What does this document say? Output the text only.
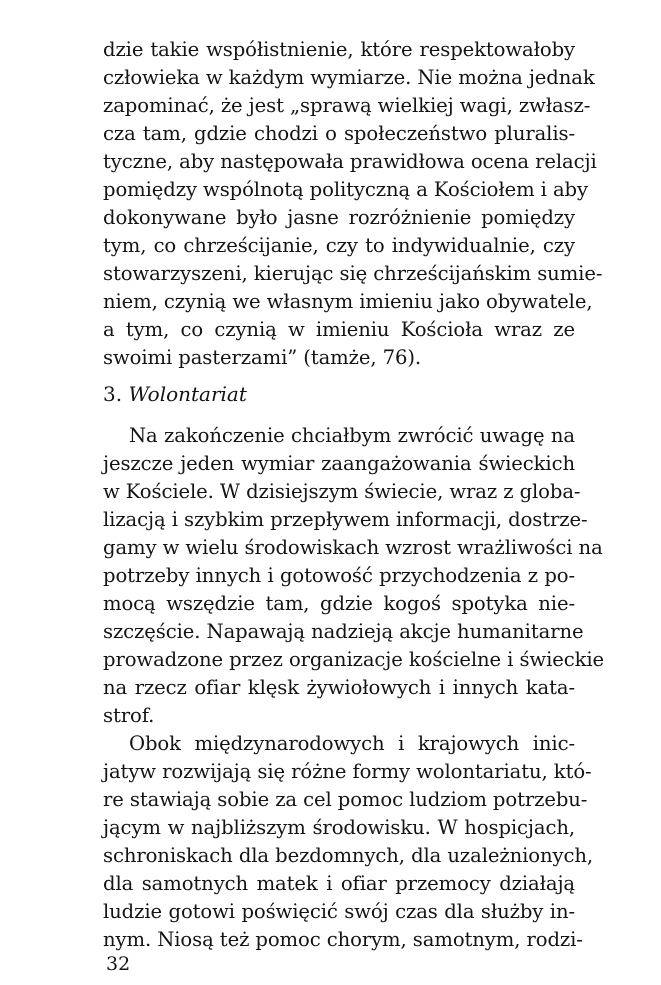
dzie takie współistnienie, które respektowałoby
człowieka w każdym wymiarze. Nie można jednak
zapominać, że jest „sprawą wielkiej wagi, zwłasz-
cza tam, gdzie chodzi o społeczeństwo pluralis-
tyczne, aby następowała prawidłowa ocena relacji
pomiędzy wspólnotą polityczną a Kościołem i aby
dokonywane było jasne rozróżnienie pomiędzy
tym, co chrześcijanie, czy to indywidualnie, czy
stowarzyszeni, kierując się chrześcijańskim sumie-
niem, czynią we własnym imieniu jako obywatele,
a tym, co czynią w imieniu Kościoła wraz ze
swoimi pasterzami” (tamże, 76).
3. Wolontariat
Na zakończenie chciałbym zwrócić uwagę na
jeszcze jeden wymiar zaangażowania świeckich
w Kościele. W dzisiejszym świecie, wraz z globa-
lizacją i szybkim przepływem informacji, dostrze-
gamy w wielu środowiskach wzrost wrażliwości na
potrzeby innych i gotowość przychodzenia z po-
mocą wszędzie tam, gdzie kogoś spotyka nie-
szczęście. Napawają nadzieją akcje humanitarne
prowadzone przez organizacje kościelne i świeckie
na rzecz ofiar klęsk żywiołowych i innych kata-
strof.
Obok międzynarodowych i krajowych inic-
jatyw rozwijają się różne formy wolontariatu, któ-
re stawiają sobie za cel pomoc ludziom potrzebu-
jącym w najbliższym środowisku. W hospicjach,
schroniskach dla bezdomnych, dla uzależnionych,
dla samotnych matek i ofiar przemocy działają
ludzie gotowi poświęcić swój czas dla służby in-
nym. Niosą też pomoc chorym, samotnym, rodzi-
32
